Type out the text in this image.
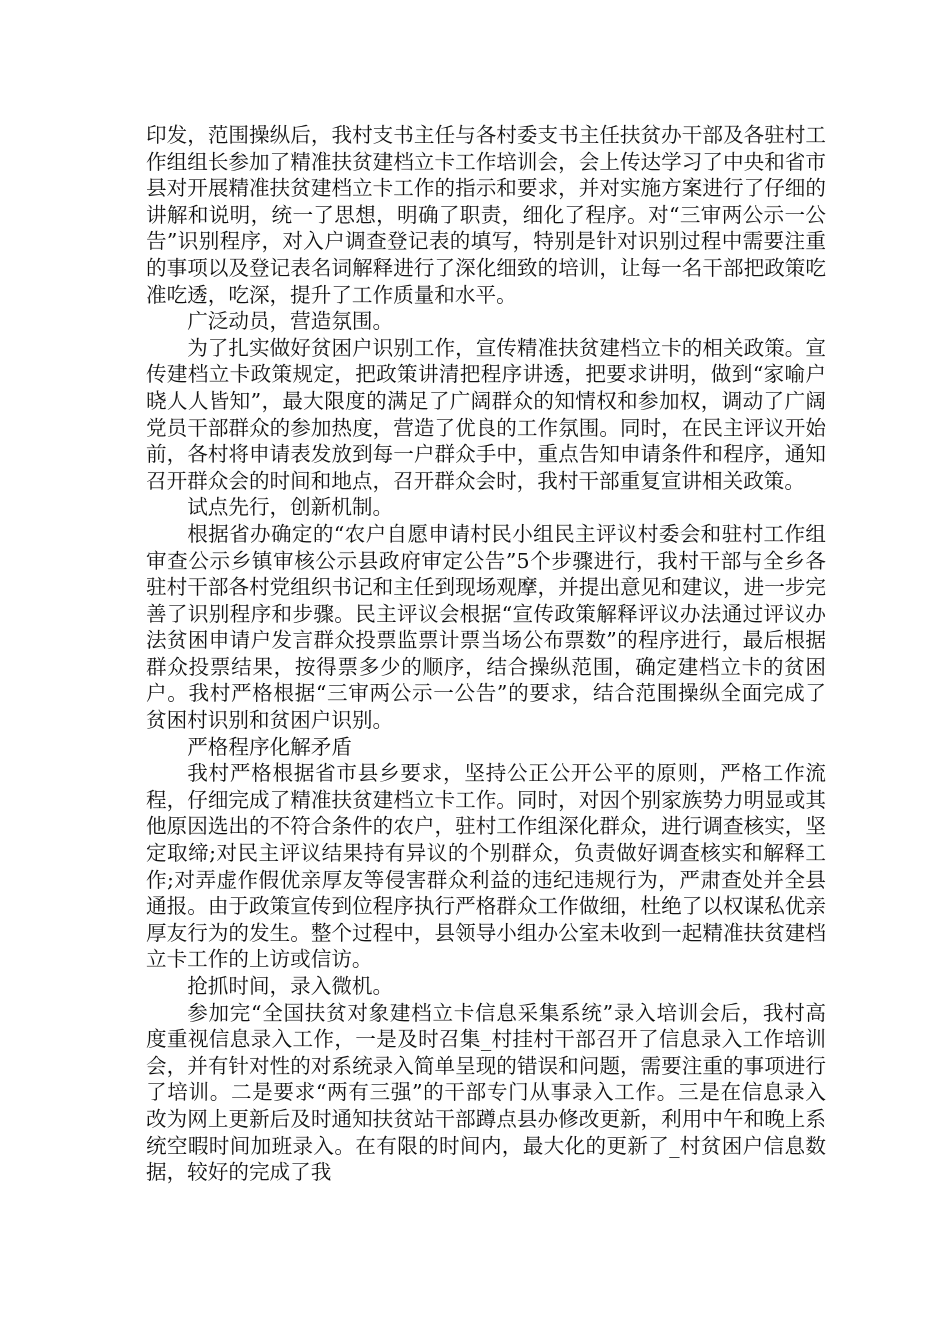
印发，范围操纵后，我村支书主任与各村委支书主任扶贫办干部及各驻村工作组组长参加了精准扶贫建档立卡工作培训会，会上传达学习了中央和省市县对开展精准扶贫建档立卡工作的指示和要求，并对实施方案进行了仔细的讲解和说明，统一了思想，明确了职责，细化了程序。对“三审两公示一公告”识别程序，对入户调查登记表的填写，特别是针对识别过程中需要注重的事项以及登记表名词解释进行了深化细致的培训，让每一名干部把政策吃准吃透，吃深，提升了工作质量和水平。

广泛动员，营造氛围。

为了扎实做好贫困户识别工作，宣传精准扶贫建档立卡的相关政策。宣传建档立卡政策规定，把政策讲清把程序讲透，把要求讲明，做到“家喻户晓人人皆知”，最大限度的满足了广阔群众的知情权和参加权，调动了广阔党员干部群众的参加热度，营造了优良的工作氛围。同时，在民主评议开始前，各村将申请表发放到每一户群众手中，重点告知申请条件和程序，通知召开群众会的时间和地点，召开群众会时，我村干部重复宣讲相关政策。

试点先行，创新机制。

根据省办确定的“农户自愿申请村民小组民主评议村委会和驻村工作组审查公示乡镇审核公示县政府审定公告”5个步骤进行，我村干部与全乡各驻村干部各村党组织书记和主任到现场观摩，并提出意见和建议，进一步完善了识别程序和步骤。民主评议会根据“宣传政策解释评议办法通过评议办法贫困申请户发言群众投票监票计票当场公布票数”的程序进行，最后根据群众投票结果，按得票多少的顺序，结合操纵范围，确定建档立卡的贫困户。我村严格根据“三审两公示一公告”的要求，结合范围操纵全面完成了贫困村识别和贫困户识别。

严格程序化解矛盾

我村严格根据省市县乡要求，坚持公正公开公平的原则，严格工作流程，仔细完成了精准扶贫建档立卡工作。同时，对因个别家族势力明显或其他原因选出的不符合条件的农户，驻村工作组深化群众，进行调查核实，坚定取缔;对民主评议结果持有异议的个别群众，负责做好调查核实和解释工作;对弄虚作假优亲厚友等侵害群众利益的违纪违规行为，严肃查处并全县通报。由于政策宣传到位程序执行严格群众工作做细，杜绝了以权谋私优亲厚友行为的发生。整个过程中，县领导小组办公室未收到一起精准扶贫建档立卡工作的上访或信访。

抢抓时间，录入微机。

参加完“全国扶贫对象建档立卡信息采集系统”录入培训会后，我村高度重视信息录入工作，一是及时召集_村挂村干部召开了信息录入工作培训会，并有针对性的对系统录入简单呈现的错误和问题，需要注重的事项进行了培训。二是要求“两有三强”的干部专门从事录入工作。三是在信息录入改为网上更新后及时通知扶贫站干部蹲点县办修改更新，利用中午和晚上系统空暇时间加班录入。在有限的时间内，最大化的更新了_村贫困户信息数据，较好的完成了我
